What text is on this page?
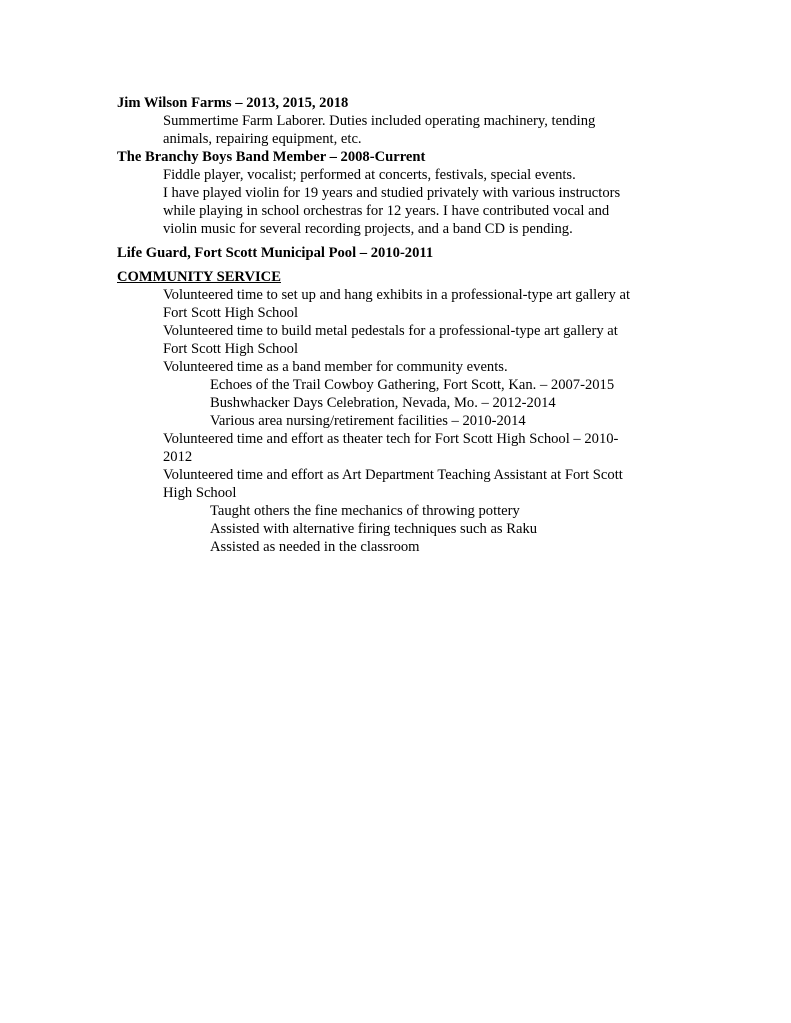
Jim Wilson Farms – 2013, 2015, 2018
Summertime Farm Laborer. Duties included operating machinery, tending
animals, repairing equipment, etc.
The Branchy Boys Band Member – 2008-Current
Fiddle player, vocalist; performed at concerts, festivals, special events.
I have played violin for 19 years and studied privately with various instructors
while playing in school orchestras for 12 years. I have contributed vocal and
violin music for several recording projects, and a band CD is pending.
Life Guard, Fort Scott Municipal Pool – 2010-2011
COMMUNITY SERVICE
Volunteered time to set up and hang exhibits in a professional-type art gallery at
Fort Scott High School
Volunteered time to build metal pedestals for a professional-type art gallery at
Fort Scott High School
Volunteered time as a band member for community events.
Echoes of the Trail Cowboy Gathering, Fort Scott, Kan. – 2007-2015
Bushwhacker Days Celebration, Nevada, Mo. – 2012-2014
Various area nursing/retirement facilities – 2010-2014
Volunteered time and effort as theater tech for Fort Scott High School – 2010-
2012
Volunteered time and effort as Art Department Teaching Assistant at Fort Scott
High School
Taught others the fine mechanics of throwing pottery
Assisted with alternative firing techniques such as Raku
Assisted as needed in the classroom
